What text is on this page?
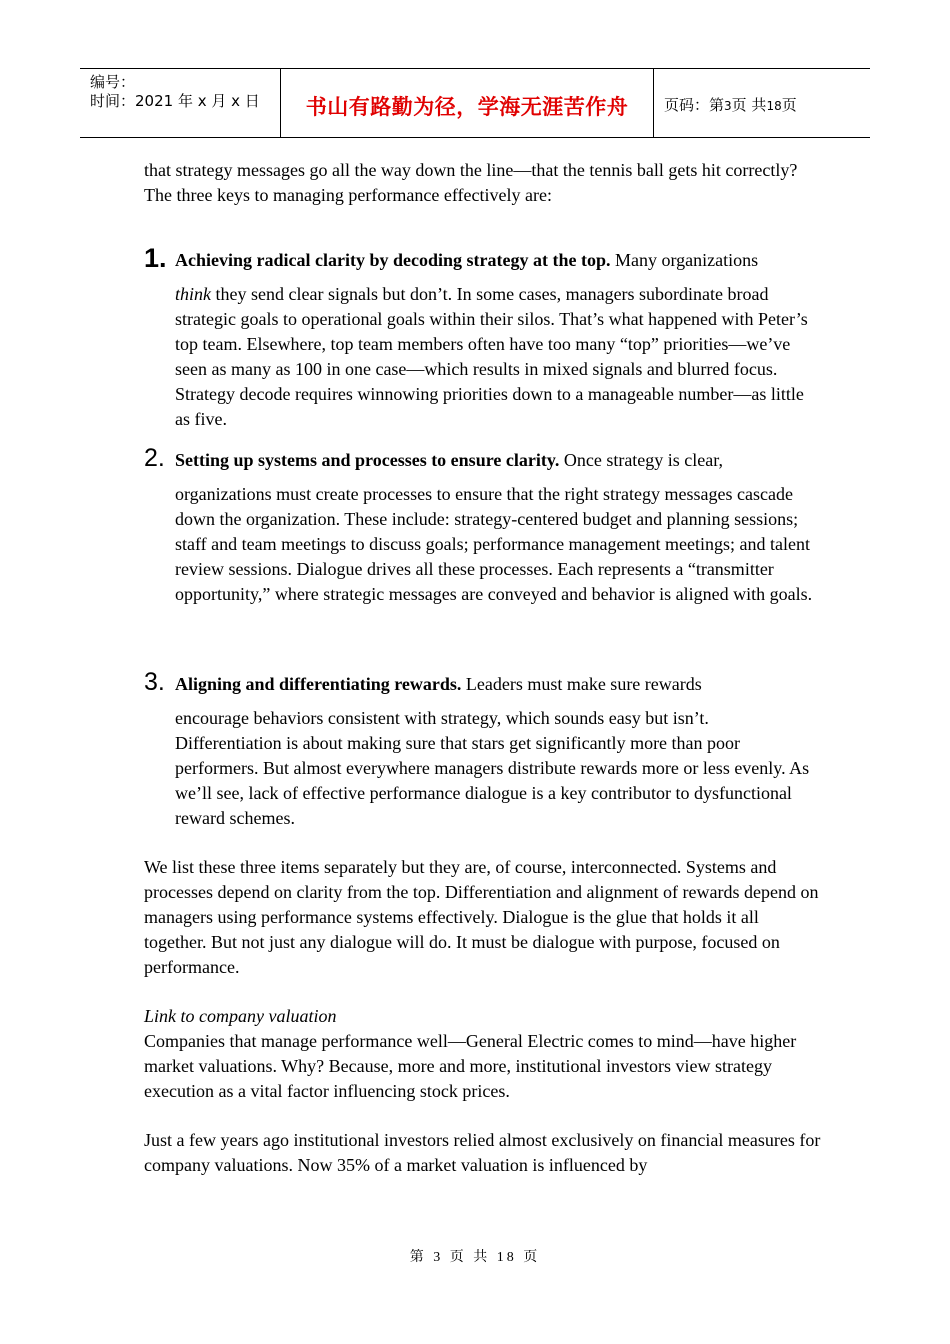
编号：
时间：2021 年 x 月 x 日	书山有路勤为径，学海无涯苦作舟	页码：第3页 共18页
that strategy messages go all the way down the line—that the tennis ball gets hit correctly? The three keys to managing performance effectively are:
1. Achieving radical clarity by decoding strategy at the top. Many organizations
think they send clear signals but don’t. In some cases, managers subordinate broad strategic goals to operational goals within their silos. That’s what happened with Peter’s top team. Elsewhere, top team members often have too many “top” priorities—we’ve seen as many as 100 in one case—which results in mixed signals and blurred focus. Strategy decode requires winnowing priorities down to a manageable number—as little as five.
2. Setting up systems and processes to ensure clarity. Once strategy is clear,
organizations must create processes to ensure that the right strategy messages cascade down the organization. These include: strategy-centered budget and planning sessions; staff and team meetings to discuss goals; performance management meetings; and talent review sessions. Dialogue drives all these processes. Each represents a “transmitter opportunity,” where strategic messages are conveyed and behavior is aligned with goals.
3. Aligning and differentiating rewards. Leaders must make sure rewards
encourage behaviors consistent with strategy, which sounds easy but isn’t. Differentiation is about making sure that stars get significantly more than poor performers. But almost everywhere managers distribute rewards more or less evenly. As we’ll see, lack of effective performance dialogue is a key contributor to dysfunctional reward schemes.
We list these three items separately but they are, of course, interconnected. Systems and processes depend on clarity from the top. Differentiation and alignment of rewards depend on managers using performance systems effectively. Dialogue is the glue that holds it all together. But not just any dialogue will do. It must be dialogue with purpose, focused on performance.
Link to company valuation
Companies that manage performance well—General Electric comes to mind—have higher market valuations. Why? Because, more and more, institutional investors view strategy execution as a vital factor influencing stock prices.
Just a few years ago institutional investors relied almost exclusively on financial measures for company valuations. Now 35% of a market valuation is influenced by
第 3 页 共 18 页
